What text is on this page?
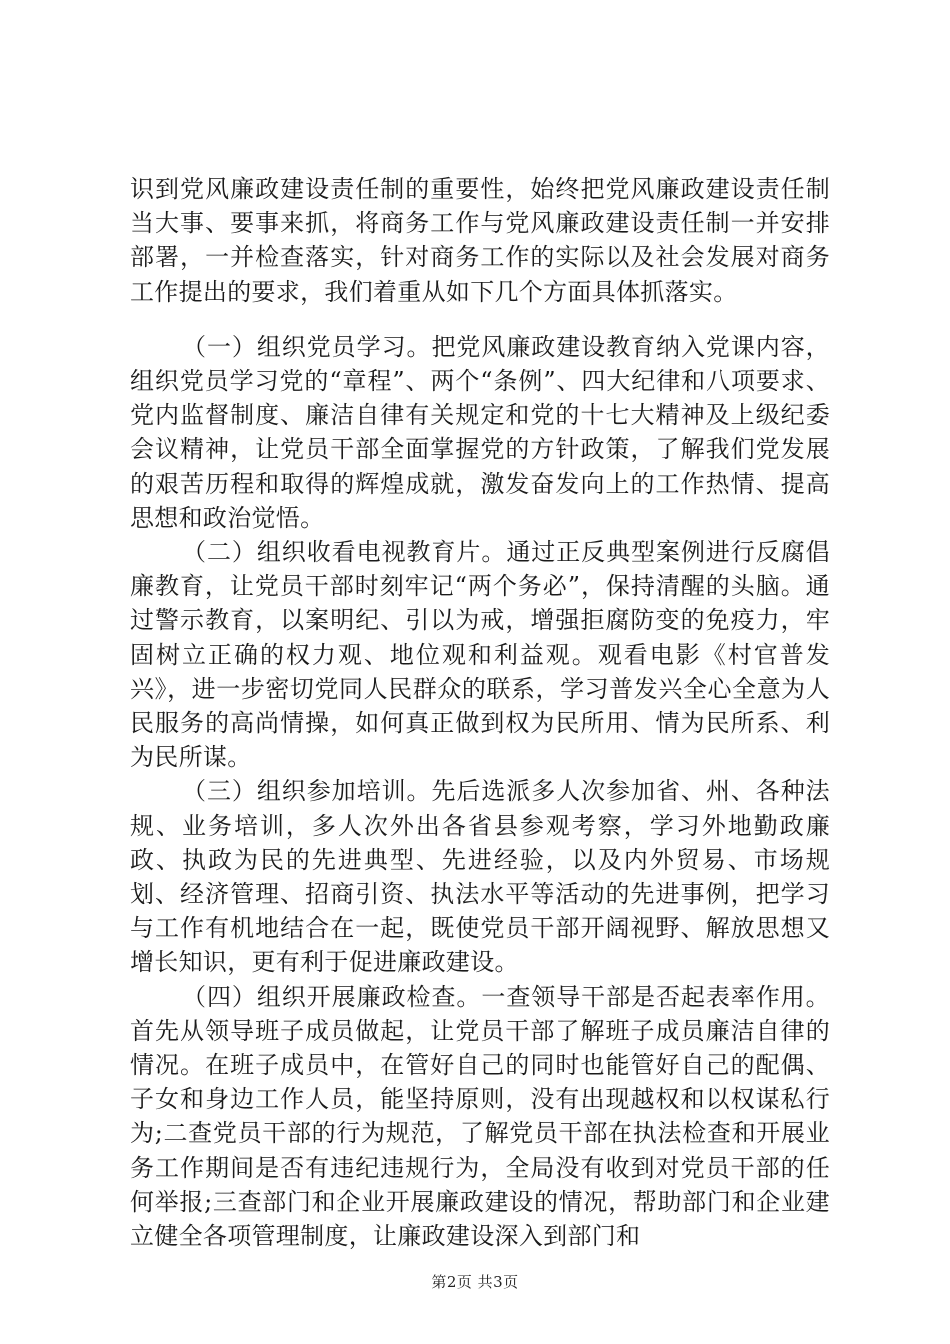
识到党风廉政建设责任制的重要性，始终把党风廉政建设责任制当大事、要事来抓，将商务工作与党风廉政建设责任制一并安排部署，一并检查落实，针对商务工作的实际以及社会发展对商务工作提出的要求，我们着重从如下几个方面具体抓落实。

（一）组织党员学习。把党风廉政建设教育纳入党课内容，组织党员学习党的“章程”、两个“条例”、四大纪律和八项要求、党内监督制度、廉洁自律有关规定和党的十七大精神及上级纪委会议精神，让党员干部全面掌握党的方针政策，了解我们党发展的艰苦历程和取得的辉煌成就，激发奋发向上的工作热情、提高思想和政治觉悟。

（二）组织收看电视教育片。通过正反典型案例进行反腐倡廉教育，让党员干部时刻牢记“两个务必”，保持清醒的头脑。通过警示教育，以案明纪、引以为戒，增强拒腐防变的免疫力，牢固树立正确的权力观、地位观和利益观。观看电影《村官普发兴》，进一步密切党同人民群众的联系，学习普发兴全心全意为人民服务的高尚情操，如何真正做到权为民所用、情为民所系、利为民所谋。

（三）组织参加培训。先后选派多人次参加省、州、各种法规、业务培训，多人次外出各省县参观考察，学习外地勤政廉政、执政为民的先进典型、先进经验，以及内外贸易、市场规划、经济管理、招商引资、执法水平等活动的先进事例，把学习与工作有机地结合在一起，既使党员干部开阔视野、解放思想又增长知识，更有利于促进廉政建设。

（四）组织开展廉政检查。一查领导干部是否起表率作用。首先从领导班子成员做起，让党员干部了解班子成员廉洁自律的情况。在班子成员中，在管好自己的同时也能管好自己的配偶、子女和身边工作人员，能坚持原则，没有出现越权和以权谋私行为;二查党员干部的行为规范，了解党员干部在执法检查和开展业务工作期间是否有违纪违规行为，全局没有收到对党员干部的任何举报;三查部门和企业开展廉政建设的情况，帮助部门和企业建立健全各项管理制度，让廉政建设深入到部门和

第2页 共3页
